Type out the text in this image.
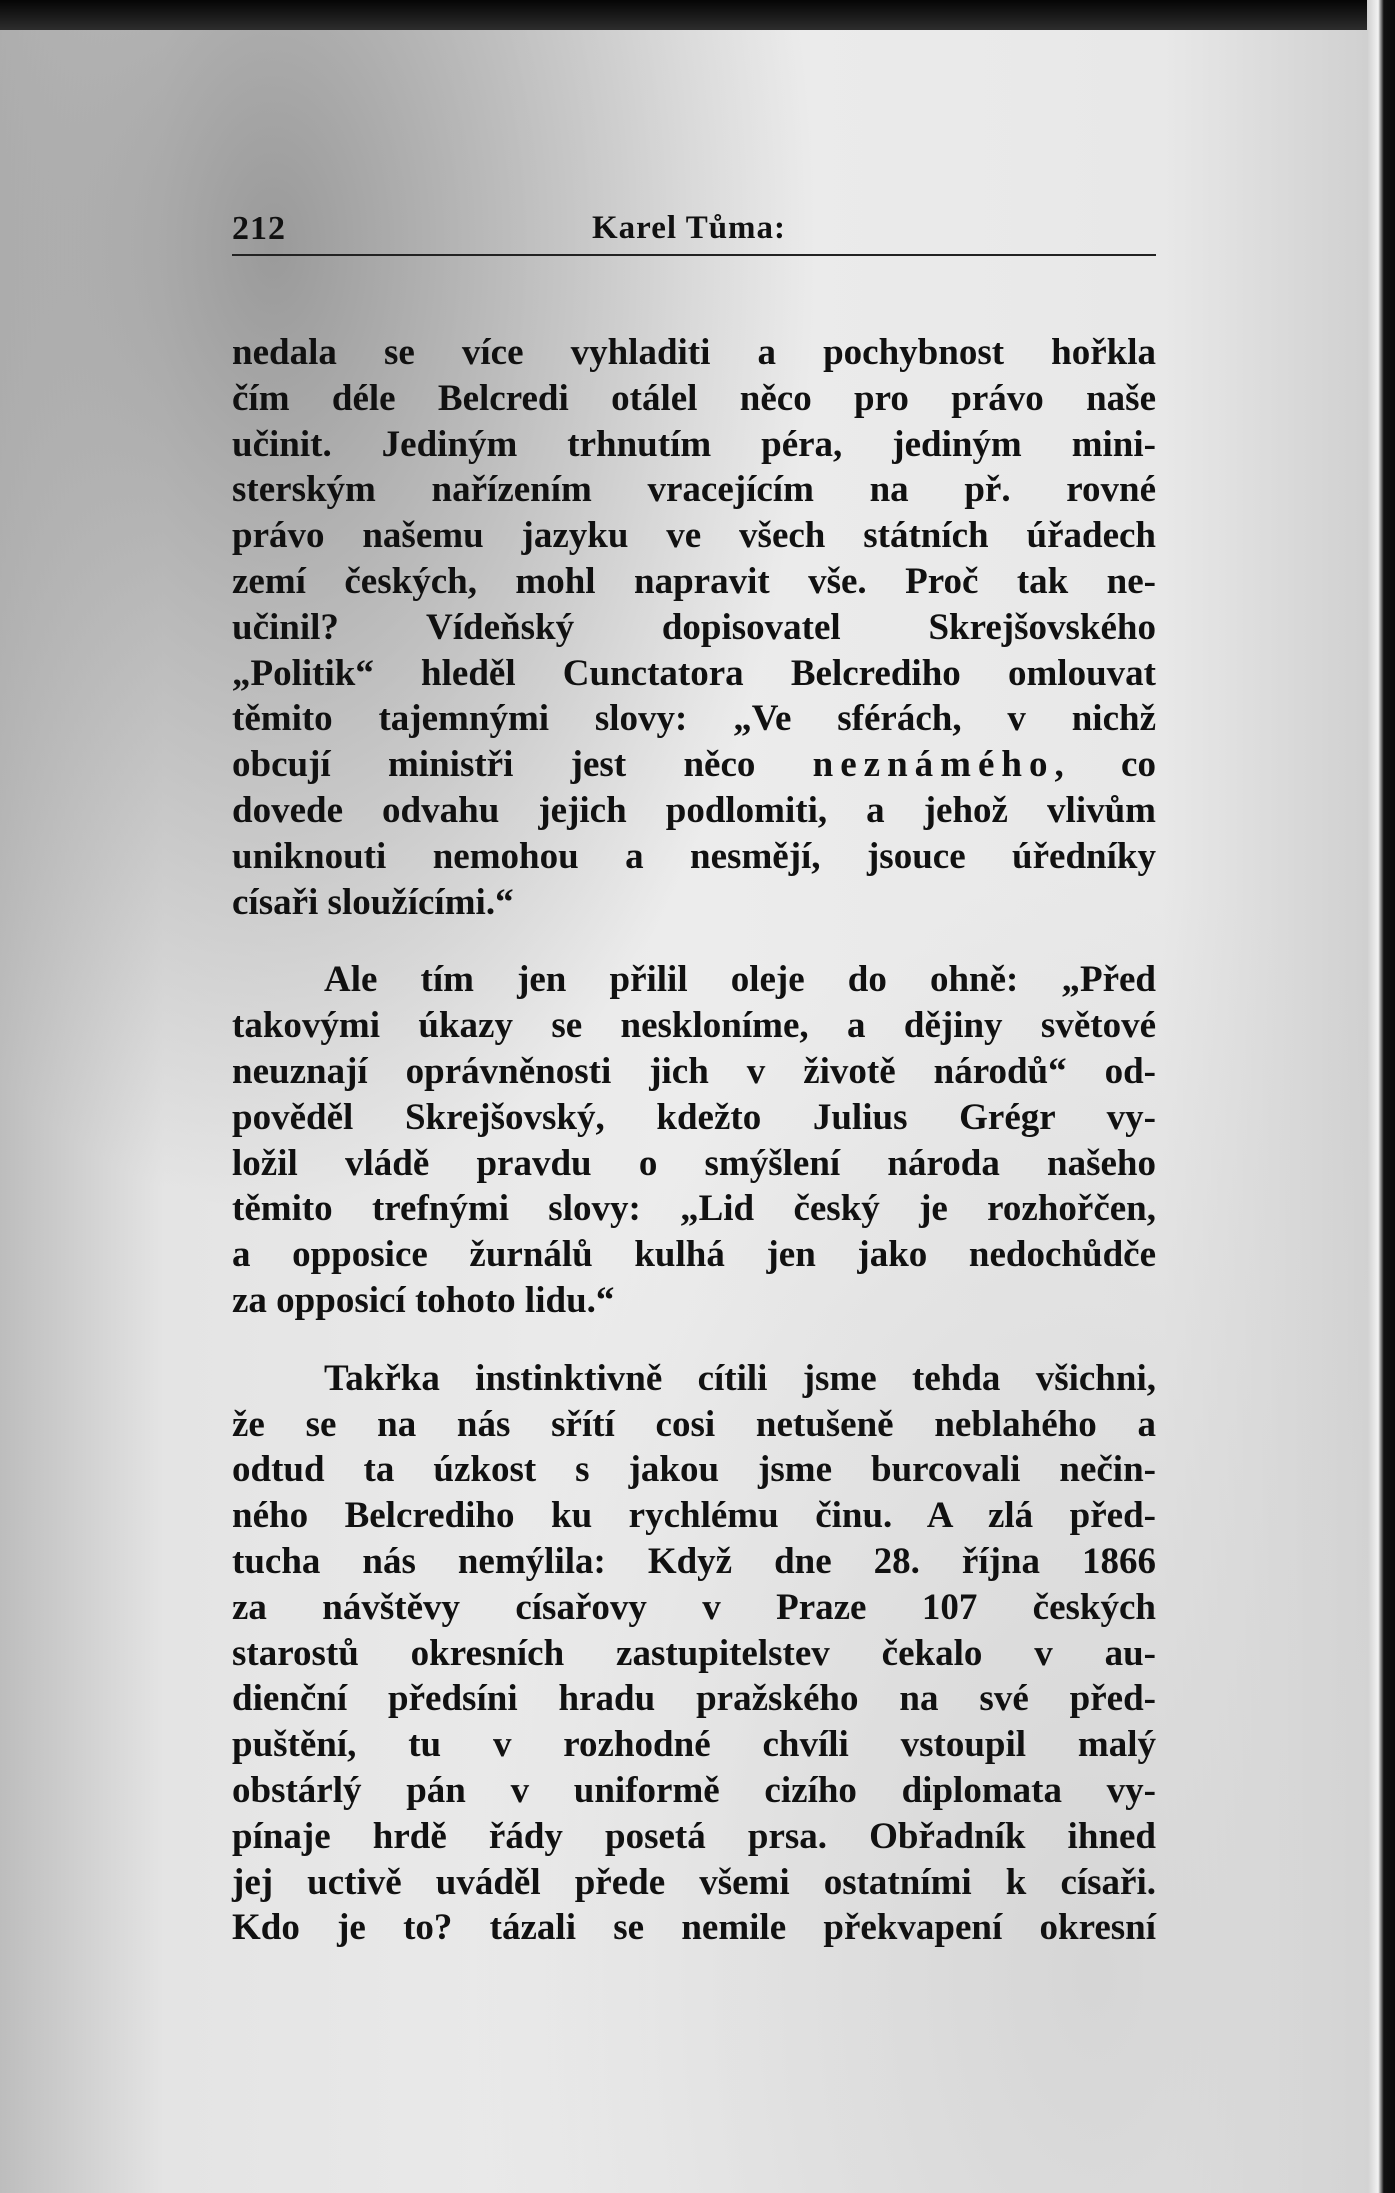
212	Karel Tůma:

nedala se více vyhladiti a pochybnost hořkla
čím déle Belcredi otálel něco pro právo naše
učinit. Jediným trhnutím péra, jediným mini-
sterským nařízením vracejícím na př. rovné
právo našemu jazyku ve všech státních úřadech
zemí českých, mohl napravit vše. Proč tak ne-
učinil? Vídeňský dopisovatel Skrejšovského
„Politik“ hleděl Cunctatora Belcrediho omlouvat
těmito tajemnými slovy: „Ve sférách, v nichž
obcují ministři jest něco neznámého, co
dovede odvahu jejich podlomiti, a jehož vlivům
uniknouti nemohou a nesmějí, jsouce úředníky
císaři sloužícími.“

Ale tím jen přilil oleje do ohně: „Před
takovými úkazy se neskloníme, a dějiny světové
neuznají oprávněnosti jich v životě národů“ od-
pověděl Skrejšovský, kdežto Julius Grégr vy-
ložil vládě pravdu o smýšlení národa našeho
těmito trefnými slovy: „Lid český je rozhořčen,
a opposice žurnálů kulhá jen jako nedochůdče
za opposicí tohoto lidu.“

Takřka instinktivně cítili jsme tehda všichni,
že se na nás sřítí cosi netušeně neblahého a
odtud ta úzkost s jakou jsme burcovali nečin-
ného Belcrediho ku rychlému činu. A zlá před-
tucha nás nemýlila: Když dne 28. října 1866
za návštěvy císařovy v Praze 107 českých
starostů okresních zastupitelstev čekalo v au-
dienční předsíni hradu pražského na své před-
puštění, tu v rozhodné chvíli vstoupil malý
obstárlý pán v uniformě cizího diplomata vy-
pínaje hrdě řády posetá prsa. Obřadník ihned
jej uctivě uváděl přede všemi ostatními k císaři.
Kdo je to? tázali se nemile překvapení okresní
